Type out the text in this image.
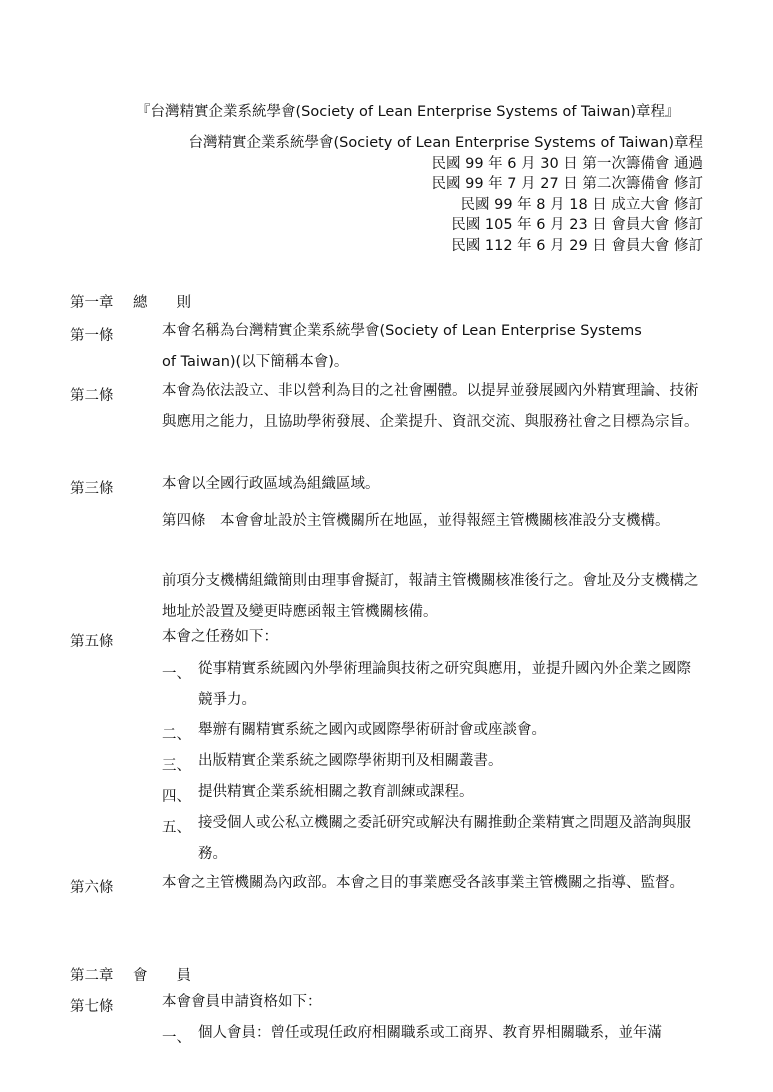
『台灣精實企業系統學會(Society of Lean Enterprise Systems of Taiwan)章程』
台灣精實企業系統學會(Society of Lean Enterprise Systems of Taiwan)章程
民國 99 年 6 月 30 日 第一次籌備會 通過
民國 99 年 7 月 27 日 第二次籌備會 修訂
民國 99 年 8 月 18 日 成立大會 修訂
民國 105 年 6 月 23 日 會員大會 修訂
民國 112 年 6 月 29 日 會員大會 修訂
第一章 總　　則
第一條	本會名稱為台灣精實企業系統學會(Society of Lean Enterprise Systems of Taiwan)(以下簡稱本會)。
第二條	本會為依法設立、非以營利為目的之社會團體。以提昇並發展國內外精實理論、技術與應用之能力，且協助學術發展、企業提升、資訊交流、與服務社會之目標為宗旨。
第三條	本會以全國行政區域為組織區域。
第四條　本會會址設於主管機關所在地區，並得報經主管機關核准設分支機構。
前項分支機構組織簡則由理事會擬訂，報請主管機關核准後行之。會址及分支機構之地址於設置及變更時應函報主管機關核備。
第五條	本會之任務如下：
一、 從事精實系統國內外學術理論與技術之研究與應用，並提升國內外企業之國際競爭力。
二、 舉辦有關精實系統之國內或國際學術研討會或座談會。
三、 出版精實企業系統之國際學術期刊及相關叢書。
四、 提供精實企業系統相關之教育訓練或課程。
五、 接受個人或公私立機關之委託研究或解決有關推動企業精實之問題及諮詢與服務。
第六條	本會之主管機關為內政部。本會之目的事業應受各該事業主管機關之指導、監督。
第二章 會　　員
第七條	本會會員申請資格如下：
一、 個人會員：曾任或現任政府相關職系或工商界、教育界相關職系，並年滿
